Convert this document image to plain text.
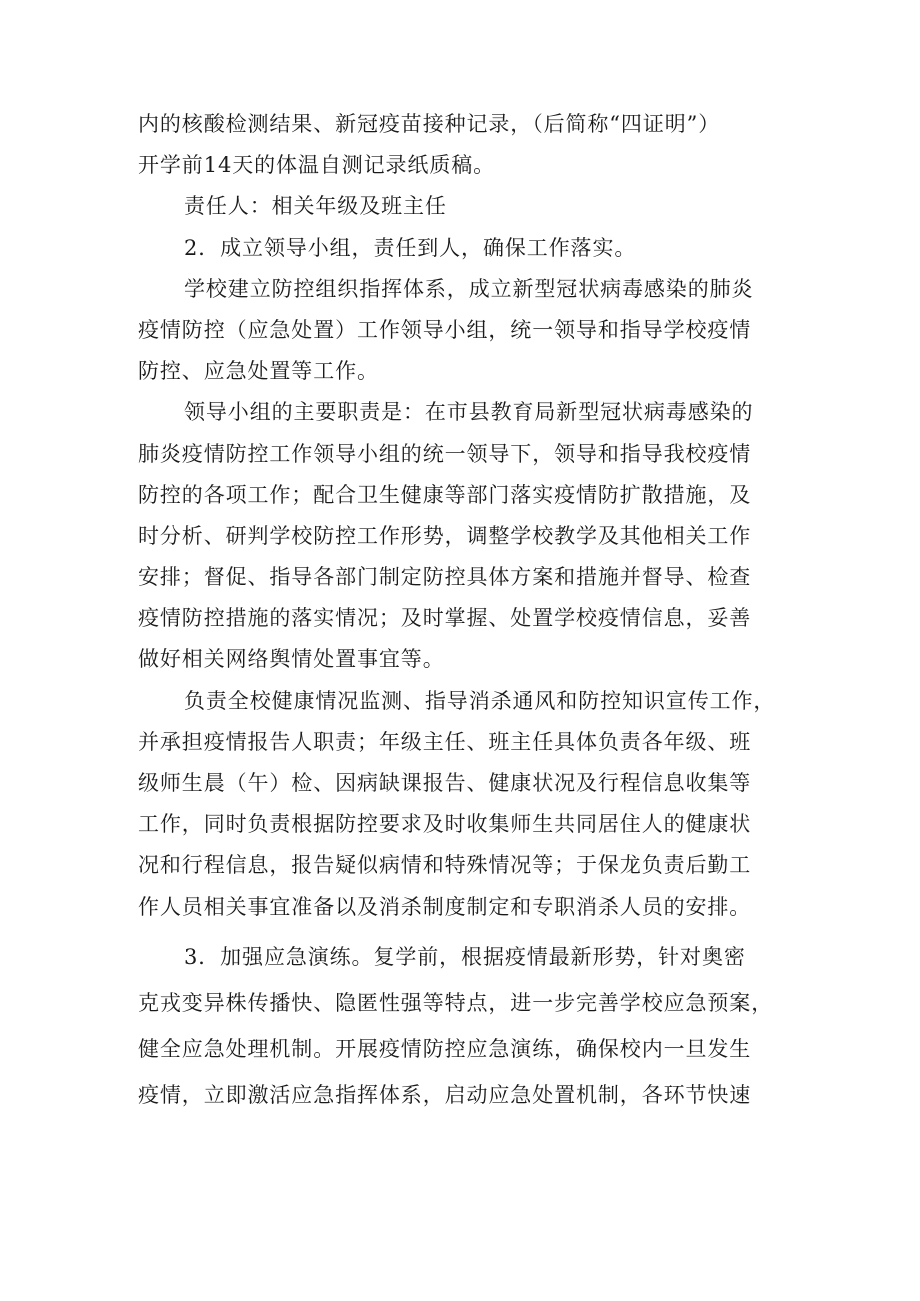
内的核酸检测结果、新冠疫苗接种记录，（后简称“四证明”）
开学前14天的体温自测记录纸质稿。
责任人：相关年级及班主任
2．成立领导小组，责任到人，确保工作落实。
学校建立防控组织指挥体系，成立新型冠状病毒感染的肺炎
疫情防控（应急处置）工作领导小组，统一领导和指导学校疫情
防控、应急处置等工作。
领导小组的主要职责是：在市县教育局新型冠状病毒感染的
肺炎疫情防控工作领导小组的统一领导下，领导和指导我校疫情
防控的各项工作；配合卫生健康等部门落实疫情防扩散措施，及
时分析、研判学校防控工作形势，调整学校教学及其他相关工作
安排；督促、指导各部门制定防控具体方案和措施并督导、检查
疫情防控措施的落实情况；及时掌握、处置学校疫情信息，妥善
做好相关网络舆情处置事宜等。
负责全校健康情况监测、指导消杀通风和防控知识宣传工作，
并承担疫情报告人职责；年级主任、班主任具体负责各年级、班
级师生晨（午）检、因病缺课报告、健康状况及行程信息收集等
工作，同时负责根据防控要求及时收集师生共同居住人的健康状
况和行程信息，报告疑似病情和特殊情况等；于保龙负责后勤工
作人员相关事宜准备以及消杀制度制定和专职消杀人员的安排。
3．加强应急演练。复学前，根据疫情最新形势，针对奥密
克戎变异株传播快、隐匿性强等特点，进一步完善学校应急预案，
健全应急处理机制。开展疫情防控应急演练，确保校内一旦发生
疫情，立即激活应急指挥体系，启动应急处置机制，各环节快速
